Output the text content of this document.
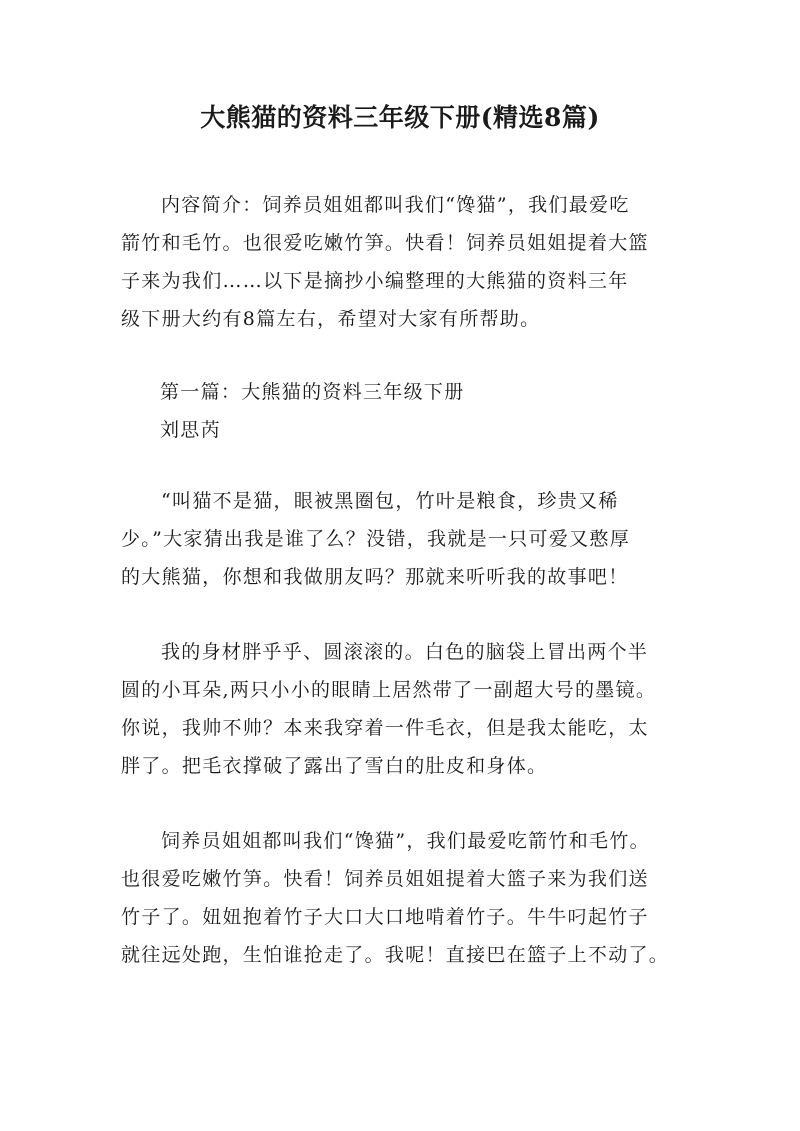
大熊猫的资料三年级下册(精选8篇)

内容简介：饲养员姐姐都叫我们“馋猫”，我们最爱吃
箭竹和毛竹。也很爱吃嫩竹笋。快看！饲养员姐姐提着大篮
子来为我们……以下是摘抄小编整理的大熊猫的资料三年
级下册大约有8篇左右，希望对大家有所帮助。

第一篇：大熊猫的资料三年级下册

刘思芮

“叫猫不是猫，眼被黑圈包，竹叶是粮食，珍贵又稀
少。”大家猜出我是谁了么？没错，我就是一只可爱又憨厚
的大熊猫，你想和我做朋友吗？那就来听听我的故事吧！

我的身材胖乎乎、圆滚滚的。白色的脑袋上冒出两个半
圆的小耳朵,两只小小的眼睛上居然带了一副超大号的墨镜。
你说，我帅不帅？本来我穿着一件毛衣，但是我太能吃，太
胖了。把毛衣撑破了露出了雪白的肚皮和身体。

饲养员姐姐都叫我们“馋猫”，我们最爱吃箭竹和毛竹。
也很爱吃嫩竹笋。快看！饲养员姐姐提着大篮子来为我们送
竹子了。妞妞抱着竹子大口大口地啃着竹子。牛牛叼起竹子
就往远处跑，生怕谁抢走了。我呢！直接巴在篮子上不动了。
